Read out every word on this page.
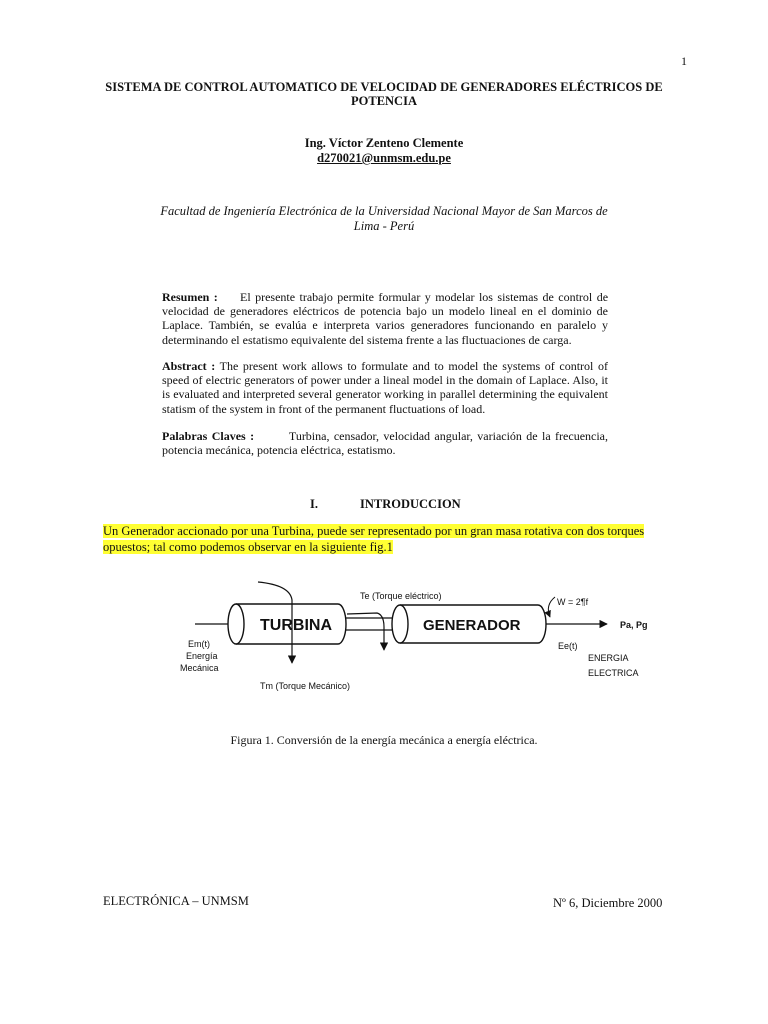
1
SISTEMA DE CONTROL AUTOMATICO DE VELOCIDAD DE GENERADORES ELÉCTRICOS DE POTENCIA
Ing. Víctor Zenteno Clemente
d270021@unmsm.edu.pe
Facultad de Ingeniería Electrónica de la Universidad Nacional Mayor de San Marcos de Lima - Perú
Resumen : El presente trabajo permite formular y modelar los sistemas de control de velocidad de generadores eléctricos de potencia bajo un modelo lineal en el dominio de Laplace. También, se evalúa e interpreta varios generadores funcionando en paralelo y determinando el estatismo equivalente del sistema frente a las fluctuaciones de carga.
Abstract : The present work allows to formulate and to model the systems of control of speed of electric generators of power under a lineal model in the domain of Laplace. Also, it is evaluated and interpreted several generator working in parallel determining the equivalent statism of the system in front of the permanent fluctuations of load.
Palabras Claves :	Turbina, censador, velocidad angular, variación de la frecuencia, potencia mecánica, potencia eléctrica, estatismo.
I.	INTRODUCCION
Un Generador accionado por una Turbina, puede ser representado por un gran masa rotativa con dos torques opuestos; tal como podemos observar en la siguiente fig.1
TURBINA	GENERADOR
Tm (Torque Mecánico)
Te (Torque eléctrico)
W = 2¶f
Pa, Pg
Ee(t)
ENERGIA
ELECTRICA
Em(t)
Energía
Mecánica
Figura 1. Conversión de la energía mecánica a energía eléctrica.
ELECTRÓNICA – UNMSM	Nº 6, Diciembre 2000
